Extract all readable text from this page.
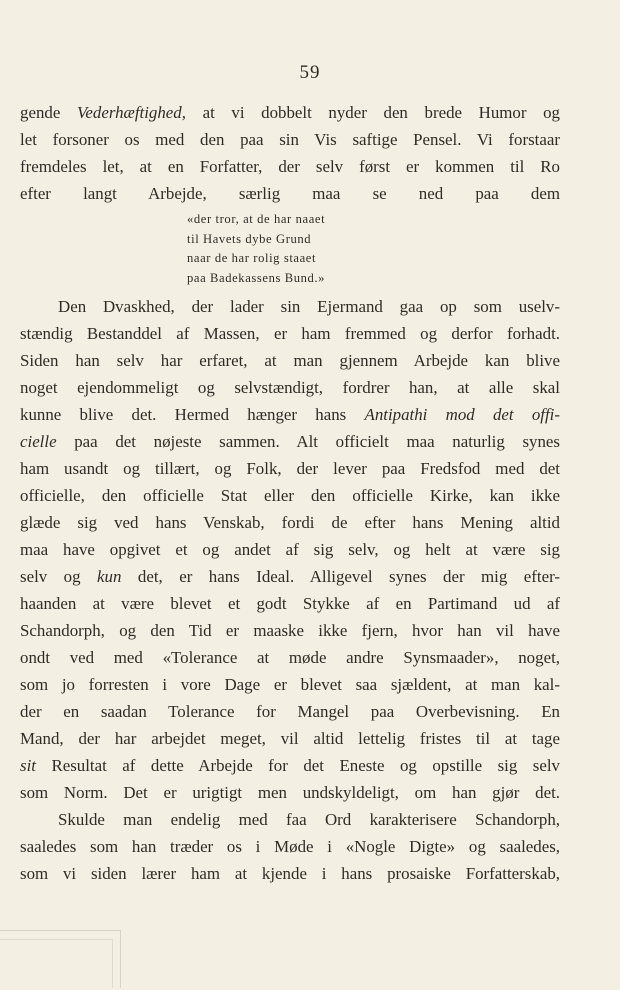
59
gende Vederhæftighed, at vi dobbelt nyder den brede Humor og
let forsoner os med den paa sin Vis saftige Pensel. Vi forstaar
fremdeles let, at en Forfatter, der selv først er kommen til Ro
efter langt Arbejde, særlig maa se ned paa dem
«der tror, at de har naaet
til Havets dybe Grund
naar de har rolig staaet
paa Badekassens Bund.»
Den Dvaskhed, der lader sin Ejermand gaa op som uselv-
stændig Bestanddel af Massen, er ham fremmed og derfor forhadt.
Siden han selv har erfaret, at man gjennem Arbejde kan blive
noget ejendommeligt og selvstændigt, fordrer han, at alle skal
kunne blive det. Hermed hænger hans Antipathi mod det offi-
cielle paa det nøjeste sammen. Alt officielt maa naturlig synes
ham usandt og tillært, og Folk, der lever paa Fredsfod med det
officielle, den officielle Stat eller den officielle Kirke, kan ikke
glæde sig ved hans Venskab, fordi de efter hans Mening altid
maa have opgivet et og andet af sig selv, og helt at være sig
selv og kun det, er hans Ideal. Alligevel synes der mig efter-
haanden at være blevet et godt Stykke af en Partimand ud af
Schandorph, og den Tid er maaske ikke fjern, hvor han vil have
ondt ved med «Tolerance at møde andre Synsmaader», noget,
som jo forresten i vore Dage er blevet saa sjældent, at man kal-
der en saadan Tolerance for Mangel paa Overbevisning. En
Mand, der har arbejdet meget, vil altid lettelig fristes til at tage
sit Resultat af dette Arbejde for det Eneste og opstille sig selv
som Norm. Det er urigtigt men undskyldeligt, om han gjør det.
Skulde man endelig med faa Ord karakterisere Schandorph,
saaledes som han træder os i Møde i «Nogle Digte» og saaledes,
som vi siden lærer ham at kjende i hans prosaiske Forfatterskab,
